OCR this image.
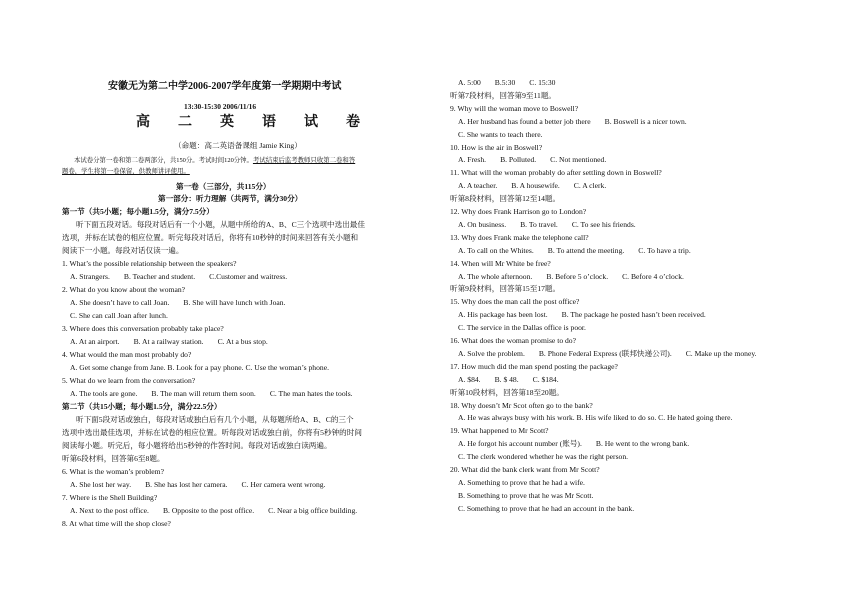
安徽无为第二中学2006-2007学年度第一学期期中考试
13:30-15:30 2006/11/16
高二英语试卷
（命题：高二英语备课组 Jamie King）
本试卷分第一卷和第二卷两部分，共150分。考试时间120分钟。考试结束后监考教师只收第二卷和答
题卷，学生将第一卷保留，供教师讲评使用。
第一卷（三部分，共115分）
第一部分：听力理解（共两节，满分30分）
第一节（共5小题；每小题1.5分，满分7.5分）
听下面五段对话。每段对话后有一个小题，从题中所给的A、B、C三个选项中选出最佳
选项，并标在试卷的相应位置。听完每段对话后，你将有10秒钟的时间来回答有关小题和
阅读下一小题。每段对话仅读一遍。
1. What’s the possible relationship between the speakers?
A. Strangers. B. Teacher and student. C.Customer and waitress.
2. What do you know about the woman?
A. She doesn’t have to call Joan. B. She will have lunch with Joan.
C. She can call Joan after lunch.
3. Where does this conversation probably take place?
A. At an airport. B. At a railway station. C. At a bus stop.
4. What would the man most probably do?
A. Get some change from Jane. B. Look for a pay phone. C. Use the woman’s phone.
5. What do we learn from the conversation?
A. The tools are gone. B. The man will return them soon. C. The man hates the tools.
第二节（共15小题；每小题1.5分，满分22.5分）
听下面5段对话或独白，每段对话或独白后有几个小题，从每题所给A、B、C的三个
选项中选出最佳选项，并标在试卷的相应位置。听每段对话或独白前，你将有5秒钟的时间
阅读每小题。听完后，每小题将给出5秒钟的作答时间。每段对话或独白读两遍。
听第6段材料，回答第6至8题。
6. What is the woman’s problem?
A. She lost her way. B. She has lost her camera. C. Her camera went wrong.
7. Where is the Shell Building?
A. Next to the post office. B. Opposite to the post office. C. Near a big office building.
8. At what time will the shop close?
A. 5:00 B.5:30 C. 15:30
听第7段材料，回答第9至11题。
9. Why will the woman move to Boswell?
A. Her husband has found a better job there B. Boswell is a nicer town.
C. She wants to teach there.
10. How is the air in Boswell?
A. Fresh. B. Polluted. C. Not mentioned.
11. What will the woman probably do after settling down in Boswell?
A. A teacher. B. A housewife. C. A clerk.
听第8段材料，回答第12至14题。
12. Why does Frank Harrison go to London?
A. On business. B. To travel. C. To see his friends.
13. Why does Frank make the telephone call?
A. To call on the Whites. B. To attend the meeting. C. To have a trip.
14. When will Mr White be free?
A. The whole afternoon. B. Before 5 o’clock. C. Before 4 o’clock.
听第9段材料，回答第15至17题。
15. Why does the man call the post office?
A. His package has been lost. B. The package he posted hasn’t been received.
C. The service in the Dallas office is poor.
16. What does the woman promise to do?
A. Solve the problem. B. Phone Federal Express (联邦快递公司). C. Make up the money.
17. How much did the man spend posting the package?
A. $84. B. $ 48. C. $184.
听第10段材料，回答第18至20题。
18. Why doesn’t Mr Scot often go to the bank?
A. He was always busy with his work. B. His wife liked to do so. C. He hated going there.
19. What happened to Mr Scott?
A. He forgot his account number (账号). B. He went to the wrong bank.
C. The clerk wondered whether he was the right person.
20. What did the bank clerk want from Mr Scott?
A. Something to prove that he had a wife.
B. Something to prove that he was Mr Scott.
C. Something to prove that he had an account in the bank.
